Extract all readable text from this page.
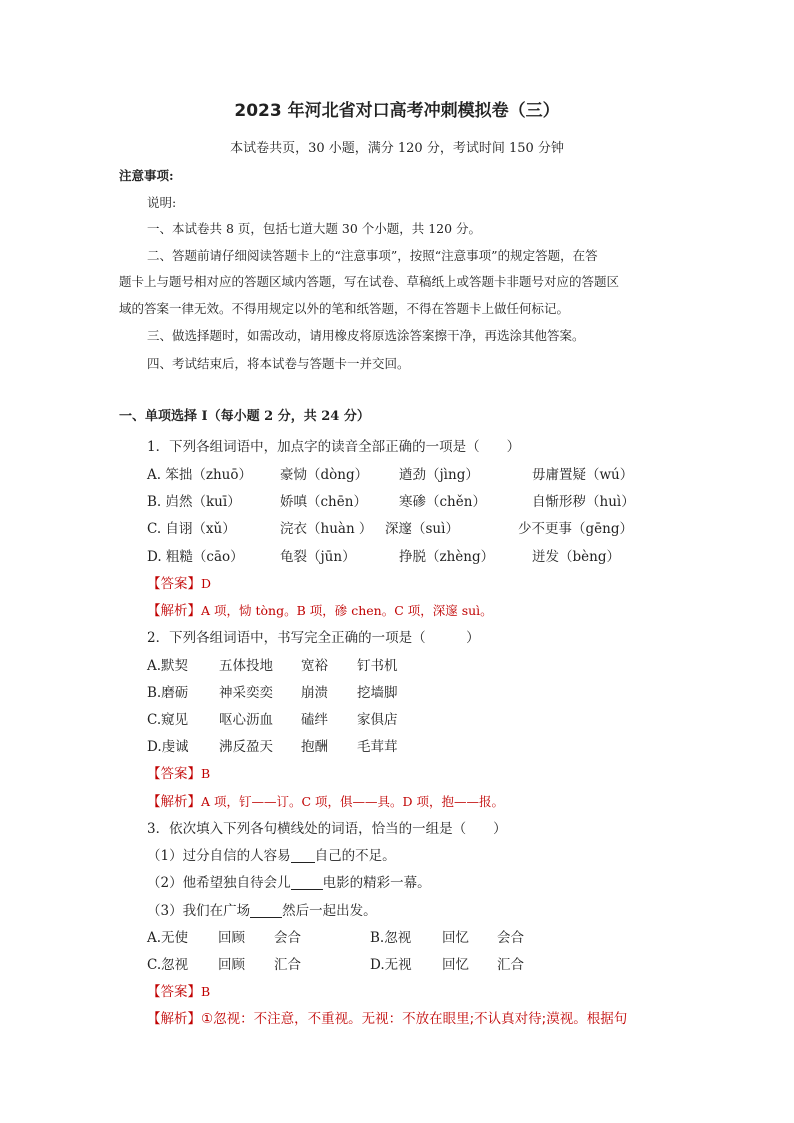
2023 年河北省对口高考冲刺模拟卷（三）
本试卷共页，30 小题，满分 120 分，考试时间 150 分钟
注意事项:
说明:
一、本试卷共 8 页，包括七道大题 30 个小题，共 120 分。
二、答题前请仔细阅读答题卡上的“注意事项”，按照“注意事项”的规定答题，在答
题卡上与题号相对应的答题区域内答题，写在试卷、草稿纸上或答题卡非题号对应的答题区
域的答案一律无效。不得用规定以外的笔和纸答题，不得在答题卡上做任何标记。
三、做选择题时，如需改动，请用橡皮将原选涂答案擦干净，再选涂其他答案。
四、考试结束后，将本试卷与答题卡一并交回。
一、单项选择 I（每小题 2 分，共 24 分）
1．下列各组词语中，加点字的读音全部正确的一项是（　　）
A. 笨拙（zhuō） 豪恸（dòng） 遒劲（jìng）	毋庸置疑（wú）
B. 岿然（kuī）	娇嗔（chēn） 寒碜（chěn）	自惭形秽（huì）
C. 自诩（xǔ）	浣衣（huàn ） 深邃（suì）	少不更事（gēng）
D. 粗糙（cāo）	龟裂（jūn）	挣脱（zhèng）	迸发（bèng）
【答案】D
【解析】A 项，恸 tòng。B 项，碜 chen。C 项，深邃 suì。
2．下列各组词语中，书写完全正确的一项是（　　　）
A.默契 五体投地 宽裕 钉书机
B.磨砺 神采奕奕 崩溃 挖墙脚
C.窥见 呕心沥血 磕绊 家俱店
D.虔诚 沸反盈天 抱酬 毛茸茸
【答案】B
【解析】A 项，钉——订。C 项，俱——具。D 项，抱——报。
3．依次填入下列各句横线处的词语，恰当的一组是（　　）
（1）过分自信的人容易 自己的不足。
（2）他希望独自待会儿 电影的精彩一幕。
（3）我们在广场 然后一起出发。
A.无使 回顾 会合	B.忽视 回忆 会合
C.忽视 回顾 汇合	D.无视 回忆 汇合
【答案】B
【解析】①忽视：不注意，不重视。无视：不放在眼里;不认真对待;漠视。根据句
